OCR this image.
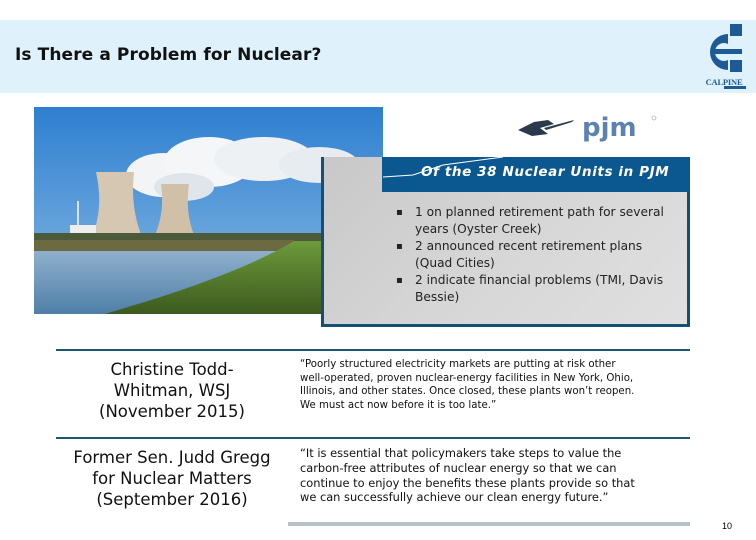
Is There a Problem for Nuclear?
CALPINE
pjm
Of the 38 Nuclear Units in PJM
▪ 1 on planned retirement path for several years (Oyster Creek)
▪ 2 announced recent retirement plans (Quad Cities)
▪ 2 indicate financial problems (TMI, Davis Bessie)
Christine Todd-
Whitman, WSJ
(November 2015)
“Poorly structured electricity markets are putting at risk other well-operated, proven nuclear-energy facilities in New York, Ohio, Illinois, and other states. Once closed, these plants won’t reopen. We must act now before it is too late.”
Former Sen. Judd Gregg
for Nuclear Matters
(September 2016)
“It is essential that policymakers take steps to value the carbon-free attributes of nuclear energy so that we can continue to enjoy the benefits these plants provide so that we can successfully achieve our clean energy future.”
10
